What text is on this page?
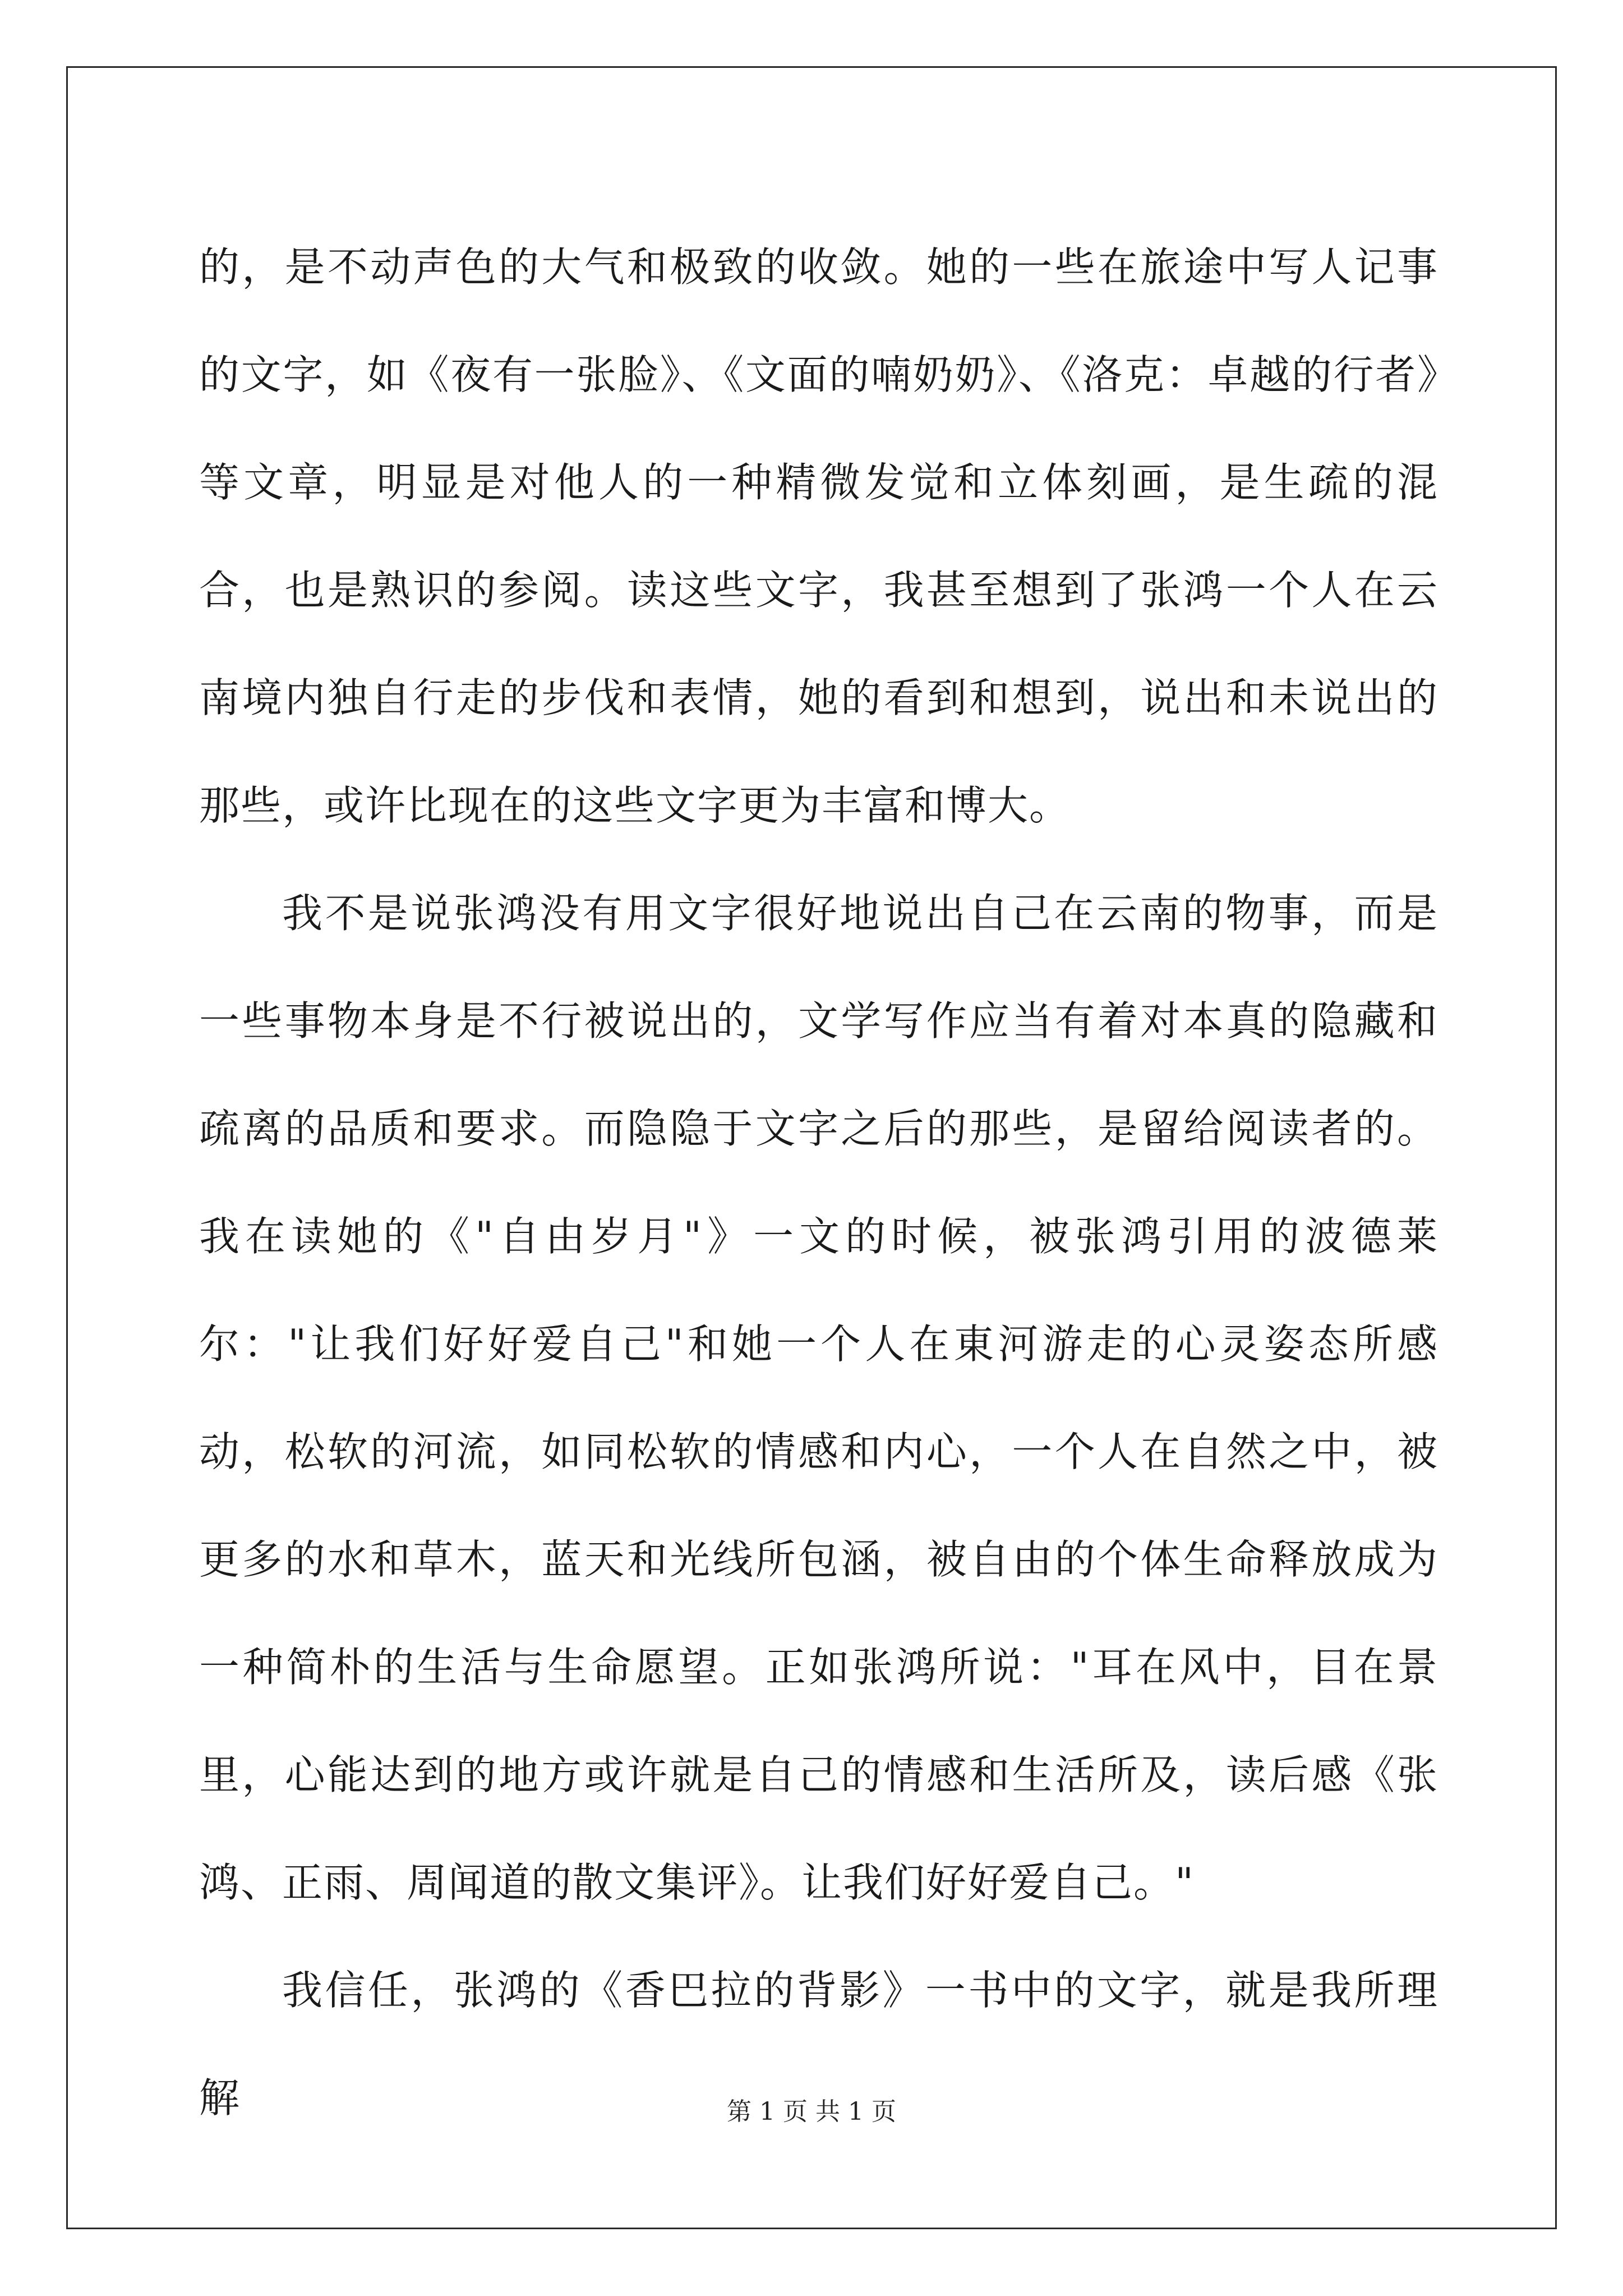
的，是不动声色的大气和极致的收敛。她的一些在旅途中写人记事的文字，如《夜有一张脸》、《文面的喃奶奶》、《洛克：卓越的行者》等文章，明显是对他人的一种精微发觉和立体刻画，是生疏的混合，也是熟识的参阅。读这些文字，我甚至想到了张鸿一个人在云南境内独自行走的步伐和表情，她的看到和想到，说出和未说出的那些，或许比现在的这些文字更为丰富和博大。

我不是说张鸿没有用文字很好地说出自己在云南的物事，而是一些事物本身是不行被说出的，文学写作应当有着对本真的隐藏和疏离的品质和要求。而隐隐于文字之后的那些，是留给阅读者的。我在读她的《"自由岁月"》一文的时候，被张鸿引用的波德莱尔："让我们好好爱自己"和她一个人在東河游走的心灵姿态所感动，松软的河流，如同松软的情感和内心，一个人在自然之中，被更多的水和草木，蓝天和光线所包涵，被自由的个体生命释放成为一种简朴的生活与生命愿望。正如张鸿所说："耳在风中，目在景里，心能达到的地方或许就是自己的情感和生活所及，读后感《张鸿、正雨、周闻道的散文集评》。让我们好好爱自己。"

我信任，张鸿的《香巴拉的背影》一书中的文字，就是我所理解	第 1 页 共 1 页
